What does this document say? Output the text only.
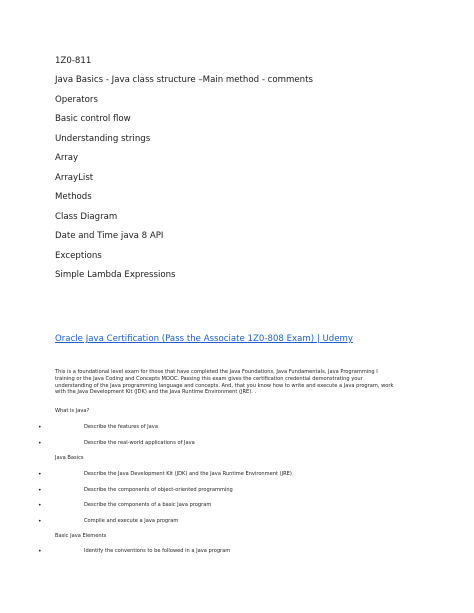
1Z0-811
Java Basics - Java class structure –Main method - comments
Operators
Basic control flow
Understanding strings
Array
ArrayList
Methods
Class Diagram
Date and Time java 8 API
Exceptions
Simple Lambda Expressions
Oracle Java Certification (Pass the Associate 1Z0-808 Exam) | Udemy
This is a foundational level exam for those that have completed the Java Foundations, Java Fundamentals, Java Programming I
training or the Java Coding and Concepts MOOC. Passing this exam gives the certification credential demonstrating your
understanding of the Java programming language and concepts. And, that you know how to write and execute a Java program, work
with the Java Development Kit (JDK) and the Java Runtime Environment (JRE). .
What is Java?
•	Describe the features of Java
•	Describe the real-world applications of Java
Java Basics
•	Describe the Java Development Kit (JDK) and the Java Runtime Environment (JRE)
•	Describe the components of object-oriented programming
•	Describe the components of a basic Java program
•	Compile and execute a Java program
Basic Java Elements
•	Identify the conventions to be followed in a Java program
